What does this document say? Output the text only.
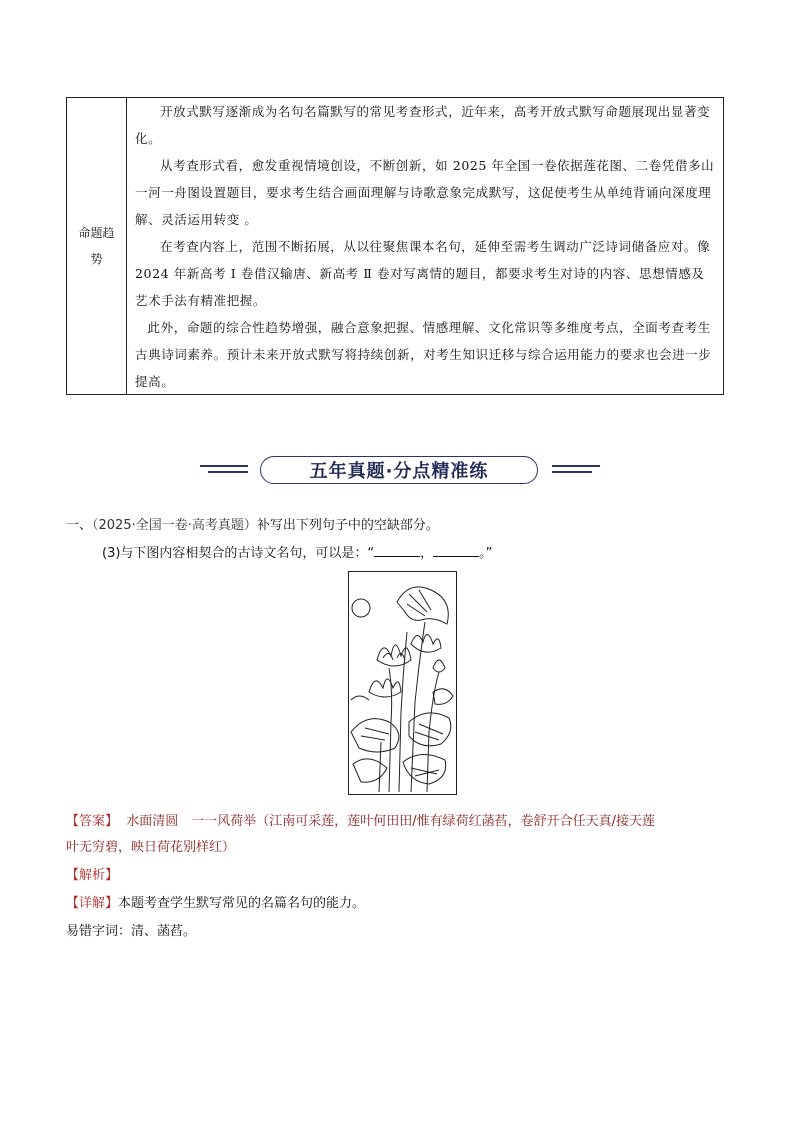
命题趋势

开放式默写逐渐成为名句名篇默写的常见考查形式，近年来，高考开放式默写命题展现出显著变化。

从考查形式看，愈发重视情境创设，不断创新，如 2025 年全国一卷依据莲花图、二卷凭借多山一河一舟图设置题目，要求考生结合画面理解与诗歌意象完成默写，这促使考生从单纯背诵向深度理解、灵活运用转变 。

在考查内容上，范围不断拓展，从以往聚焦课本名句，延伸至需考生调动广泛诗词储备应对。像 2024 年新高考 Ⅰ 卷借汉输唐、新高考 Ⅱ 卷对写离情的题目，都要求考生对诗的内容、思想情感及艺术手法有精准把握。

此外，命题的综合性趋势增强，融合意象把握、情感理解、文化常识等多维度考点，全面考查考生古典诗词素养。预计未来开放式默写将持续创新，对考生知识迁移与综合运用能力的要求也会进一步提高。

五年真题·分点精准练
一、（2025·全国一卷·高考真题）补写出下列句子中的空缺部分。
(3)与下图内容相契合的古诗文名句，可以是：“	，	。”
【答案】 水面清圆　一一风荷举（江南可采莲，莲叶何田田/惟有绿荷红菡萏，卷舒开合任天真/接天莲
叶无穷碧，映日荷花别样红）
【解析】
【详解】本题考查学生默写常见的名篇名句的能力。
易错字词：清、菡萏。
